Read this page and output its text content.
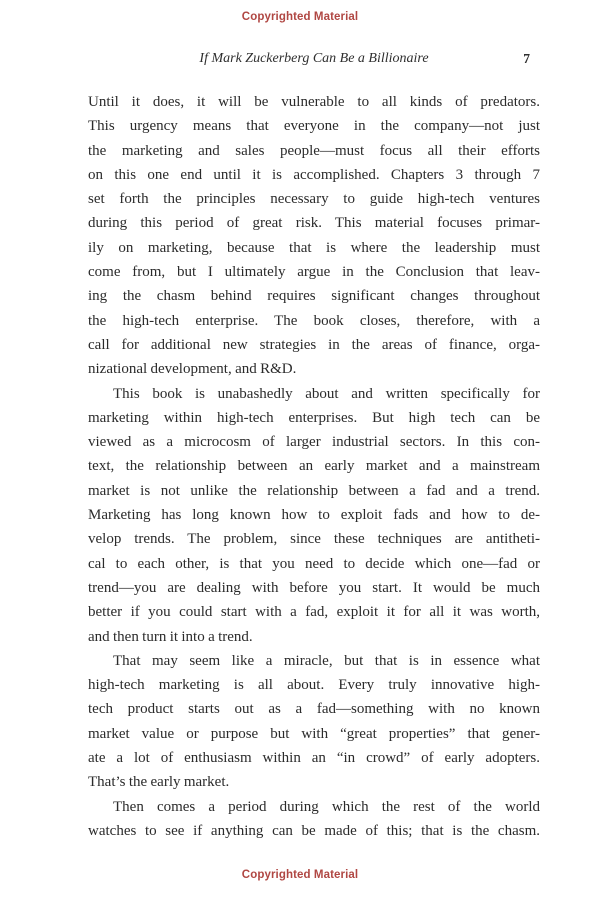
Copyrighted Material
If Mark Zuckerberg Can Be a Billionaire	7
Until it does, it will be vulnerable to all kinds of predators.
This urgency means that everyone in the company—not just
the marketing and sales people—must focus all their efforts
on this one end until it is accomplished. Chapters 3 through 7
set forth the principles necessary to guide high-tech ventures
during this period of great risk. This material focuses primar-
ily on marketing, because that is where the leadership must
come from, but I ultimately argue in the Conclusion that leav-
ing the chasm behind requires significant changes throughout
the high-tech enterprise. The book closes, therefore, with a
call for additional new strategies in the areas of finance, orga-
nizational development, and R&D.
This book is unabashedly about and written specifically for
marketing within high-tech enterprises. But high tech can be
viewed as a microcosm of larger industrial sectors. In this con-
text, the relationship between an early market and a mainstream
market is not unlike the relationship between a fad and a trend.
Marketing has long known how to exploit fads and how to de-
velop trends. The problem, since these techniques are antitheti-
cal to each other, is that you need to decide which one—fad or
trend—you are dealing with before you start. It would be much
better if you could start with a fad, exploit it for all it was worth,
and then turn it into a trend.
That may seem like a miracle, but that is in essence what
high-tech marketing is all about. Every truly innovative high-
tech product starts out as a fad—something with no known
market value or purpose but with “great properties” that gener-
ate a lot of enthusiasm within an “in crowd” of early adopters.
That’s the early market.
Then comes a period during which the rest of the world
watches to see if anything can be made of this; that is the chasm.
Copyrighted Material
